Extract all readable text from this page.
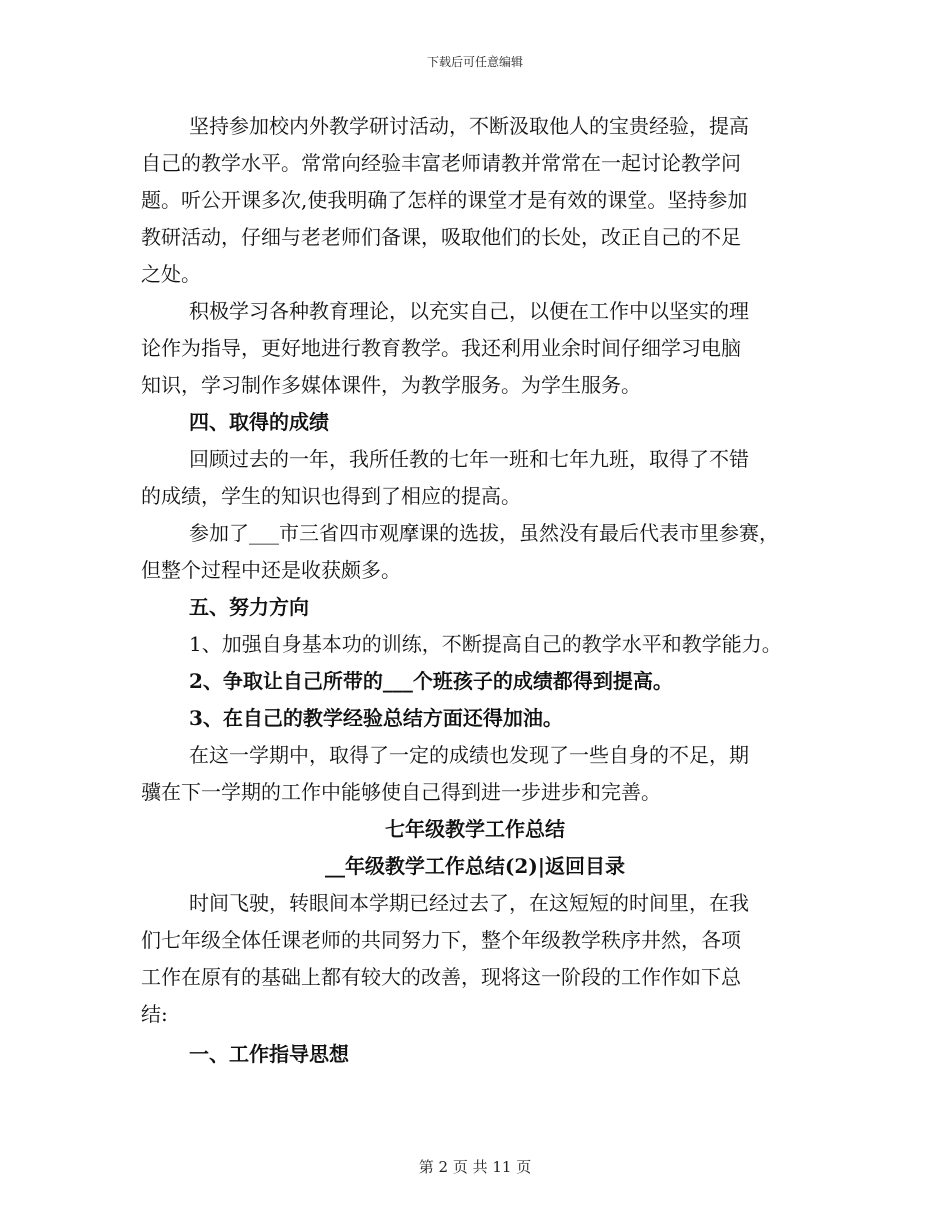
下载后可任意编辑
坚持参加校内外教学研讨活动，不断汲取他人的宝贵经验，提高
自己的教学水平。常常向经验丰富老师请教并常常在一起讨论教学问
题。听公开课多次,使我明确了怎样的课堂才是有效的课堂。坚持参加
教研活动，仔细与老老师们备课，吸取他们的长处，改正自己的不足
之处。
积极学习各种教育理论，以充实自己，以便在工作中以坚实的理
论作为指导，更好地进行教育教学。我还利用业余时间仔细学习电脑
知识，学习制作多媒体课件，为教学服务。为学生服务。
四、取得的成绩
回顾过去的一年，我所任教的七年一班和七年九班，取得了不错
的成绩，学生的知识也得到了相应的提高。
参加了___市三省四市观摩课的选拔，虽然没有最后代表市里参赛，
但整个过程中还是收获颇多。
五、努力方向
1、加强自身基本功的训练，不断提高自己的教学水平和教学能力。
2、争取让自己所带的___个班孩子的成绩都得到提高。
3、在自己的教学经验总结方面还得加油。
在这一学期中，取得了一定的成绩也发现了一些自身的不足，期
骥在下一学期的工作中能够使自己得到进一步进步和完善。
七年级教学工作总结
__年级教学工作总结(2)|返回目录
时间飞驶，转眼间本学期已经过去了，在这短短的时间里，在我
们七年级全体任课老师的共同努力下，整个年级教学秩序井然，各项
工作在原有的基础上都有较大的改善，现将这一阶段的工作作如下总
结:
一、工作指导思想
第 2 页 共 11 页
